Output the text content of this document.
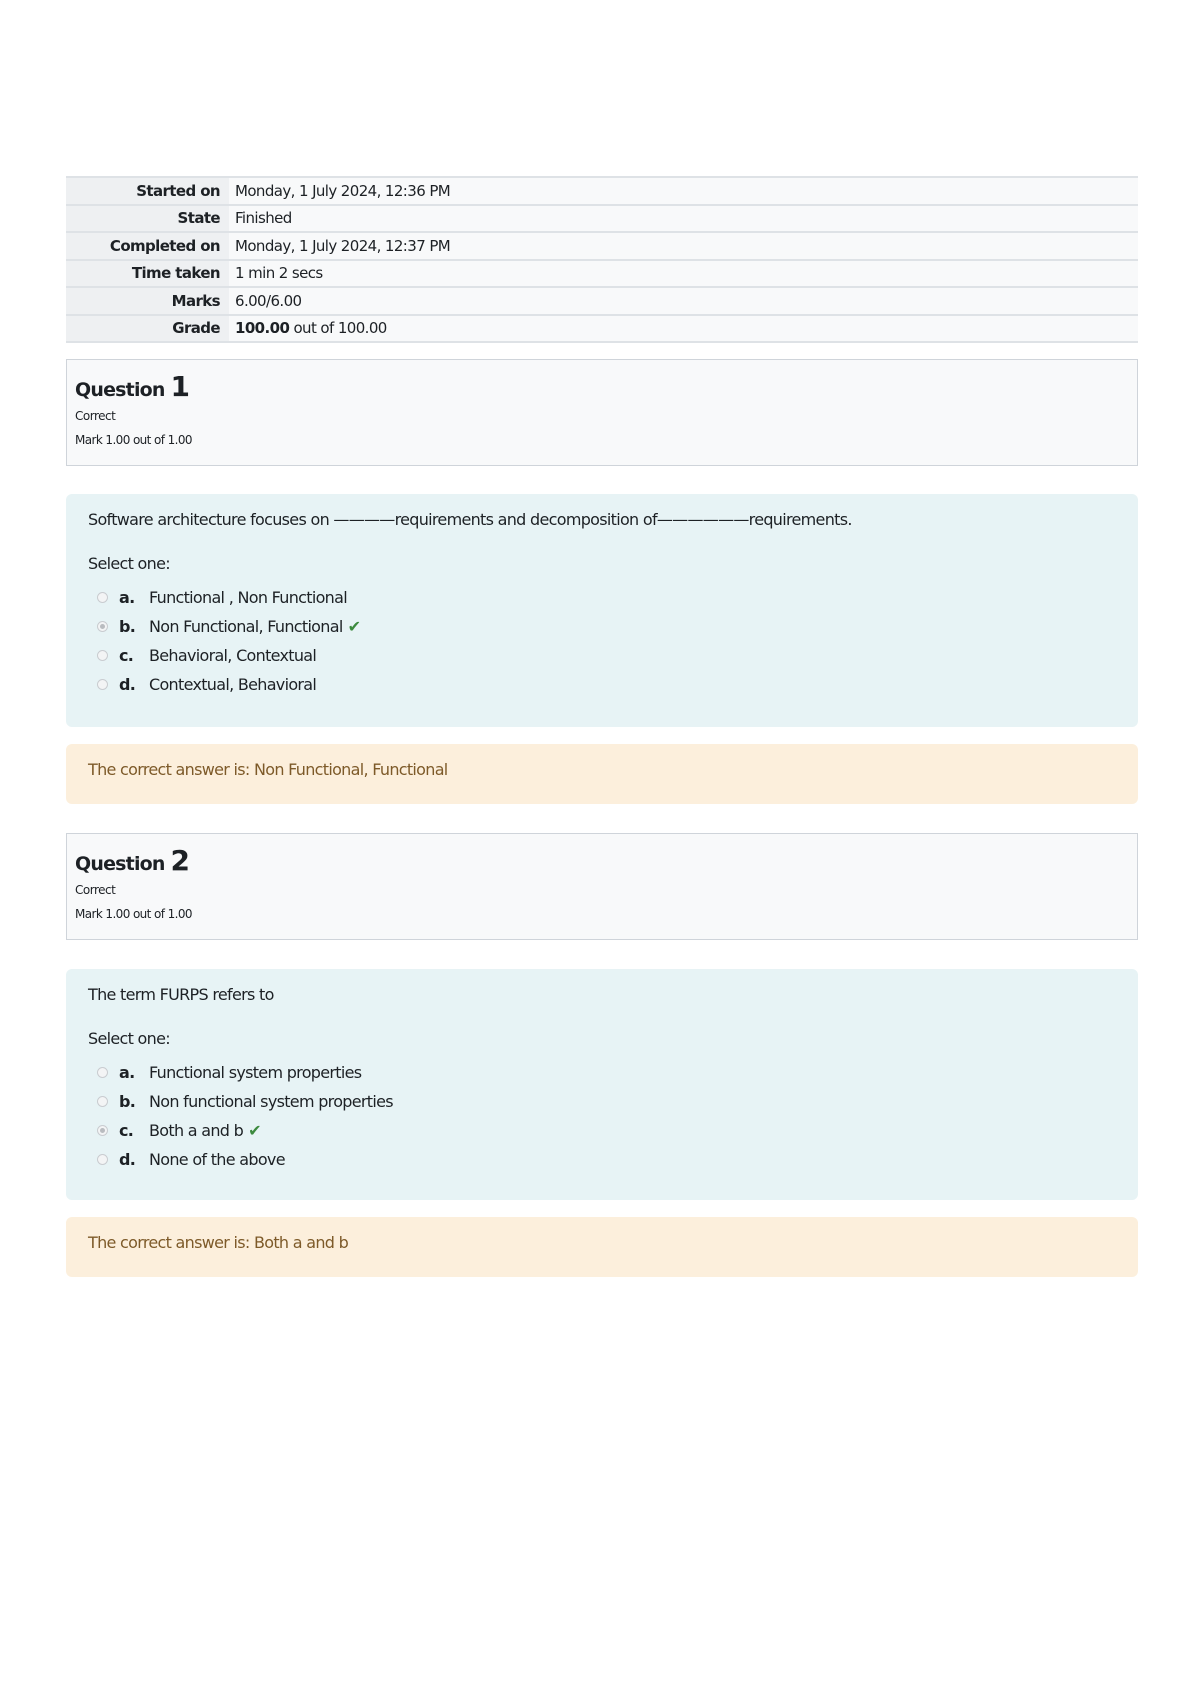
Started on	Monday, 1 July 2024, 12:36 PM
State	Finished
Completed on	Monday, 1 July 2024, 12:37 PM
Time taken	1 min 2 secs
Marks	6.00/6.00
Grade	100.00 out of 100.00
Question 1
Correct
Mark 1.00 out of 1.00
Software architecture focuses on ————requirements and decomposition of——————requirements.
Select one:
a. Functional , Non Functional
b. Non Functional, Functional ✔
c. Behavioral, Contextual
d. Contextual, Behavioral
The correct answer is: Non Functional, Functional
Question 2
Correct
Mark 1.00 out of 1.00
The term FURPS refers to
Select one:
a. Functional system properties
b. Non functional system properties
c. Both a and b ✔
d. None of the above
The correct answer is: Both a and b
